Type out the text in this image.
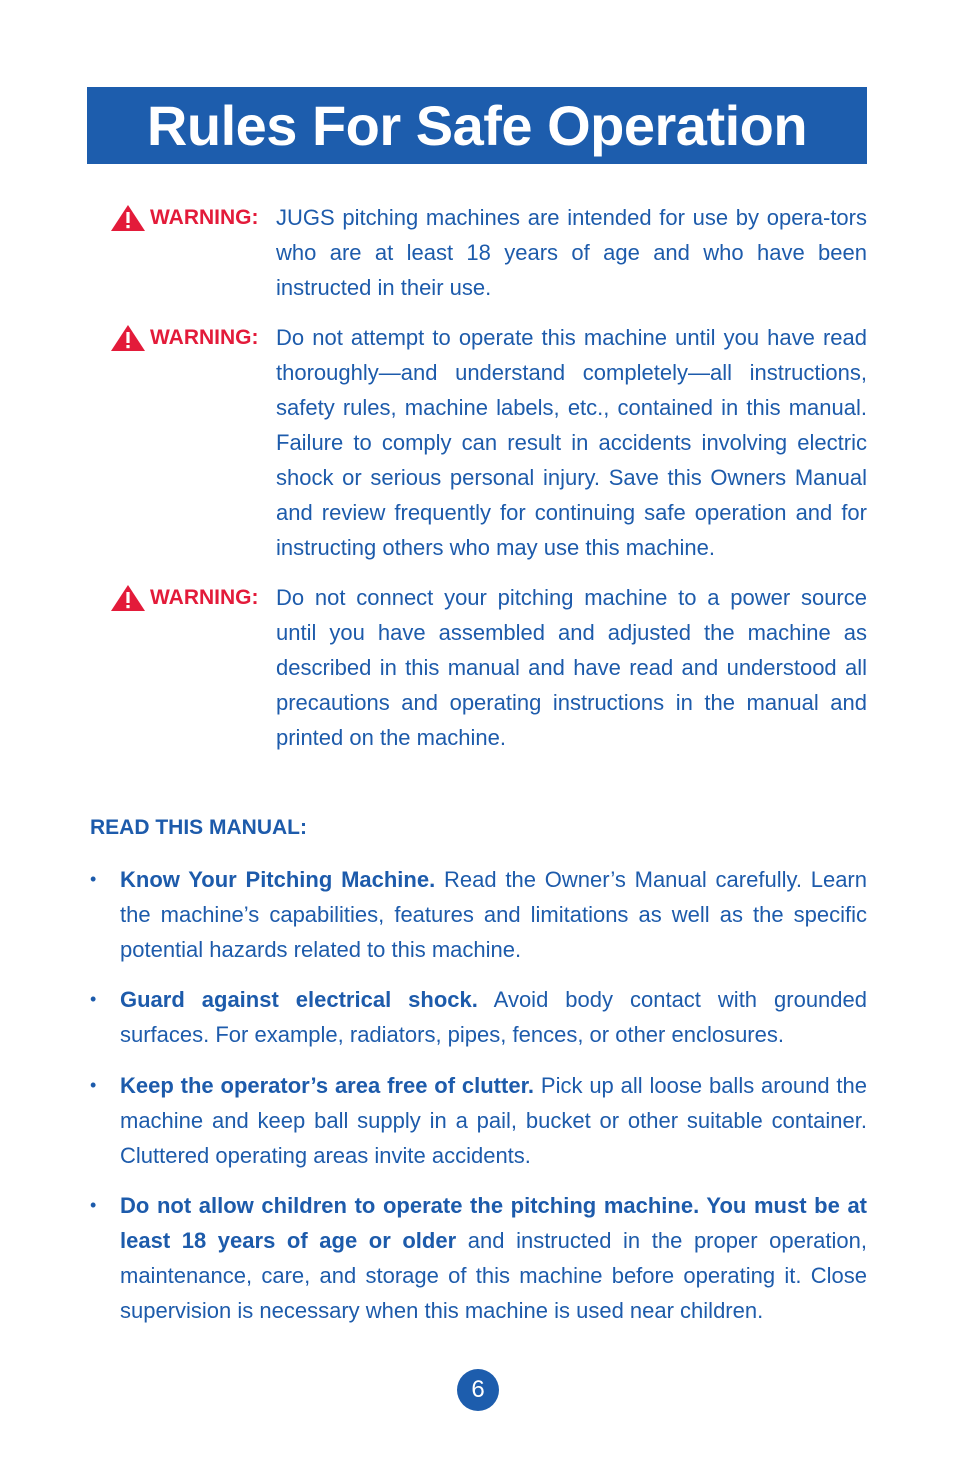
Rules For Safe Operation
WARNING: JUGS pitching machines are intended for use by opera-tors who are at least 18 years of age and who have been instructed in their use.

WARNING: Do not attempt to operate this machine until you have read thoroughly—and understand completely—all instructions, safety rules, machine labels, etc., contained in this manual. Failure to comply can result in accidents involving electric shock or serious personal injury. Save this Owners Manual and review frequently for continuing safe operation and for instructing others who may use this machine.

WARNING: Do not connect your pitching machine to a power source until you have assembled and adjusted the machine as described in this manual and have read and understood all precautions and operating instructions in the manual and printed on the machine.

READ THIS MANUAL:

•	Know Your Pitching Machine. Read the Owner’s Manual carefully. Learn the machine’s capabilities, features and limitations as well as the specific potential hazards related to this machine.

•	Guard against electrical shock. Avoid body contact with grounded surfaces. For example, radiators, pipes, fences, or other enclosures.

•	Keep the operator’s area free of clutter. Pick up all loose balls around the machine and keep ball supply in a pail, bucket or other suitable container. Cluttered operating areas invite accidents.

•	Do not allow children to operate the pitching machine. You must be at least 18 years of age or older and instructed in the proper operation, maintenance, care, and storage of this machine before operating it. Close supervision is necessary when this machine is used near children.

6
